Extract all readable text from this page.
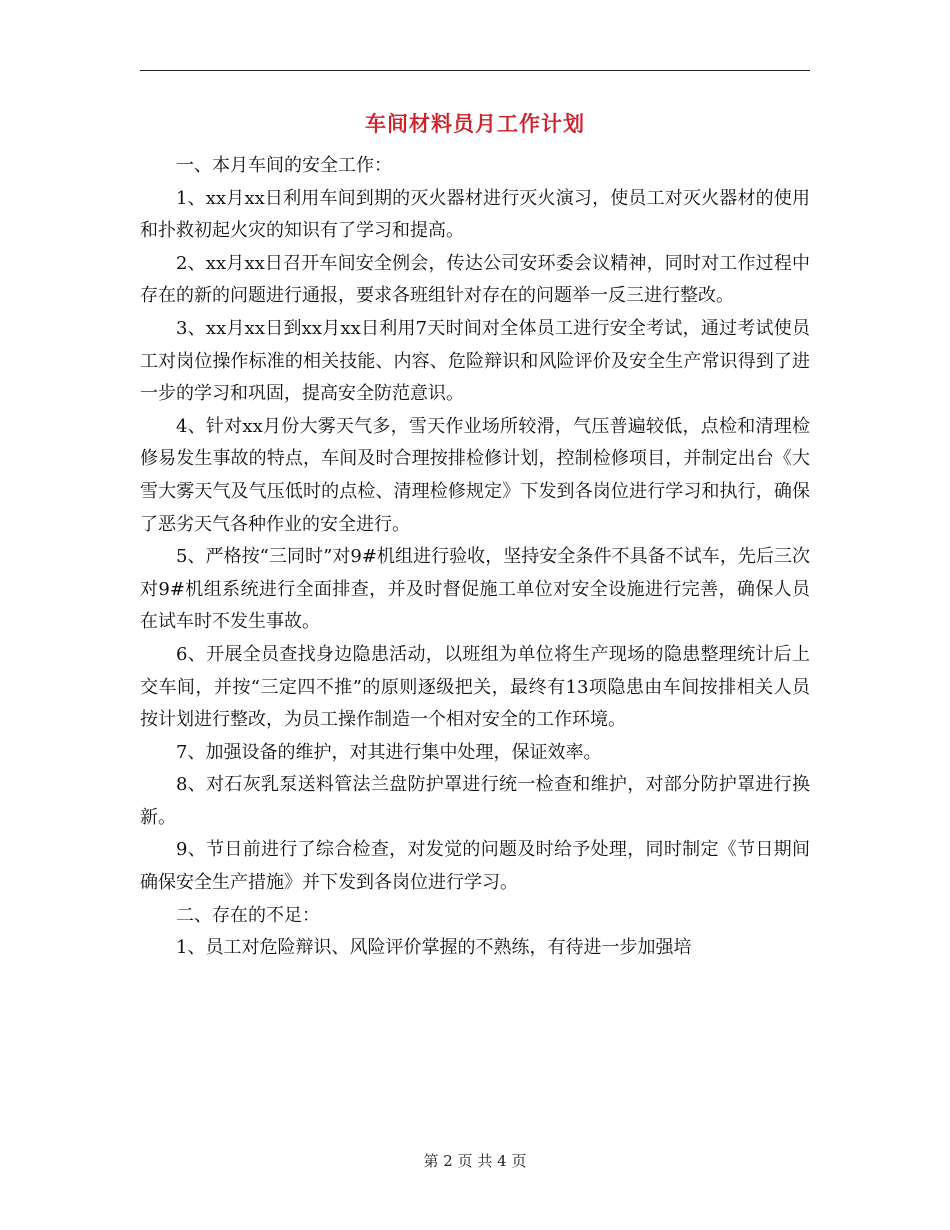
车间材料员月工作计划

一、本月车间的安全工作：

1、xx月xx日利用车间到期的灭火器材进行灭火演习，使员工对灭火器材的使用和扑救初起火灾的知识有了学习和提高。

2、xx月xx日召开车间安全例会，传达公司安环委会议精神，同时对工作过程中存在的新的问题进行通报，要求各班组针对存在的问题举一反三进行整改。

3、xx月xx日到xx月xx日利用7天时间对全体员工进行安全考试，通过考试使员工对岗位操作标准的相关技能、内容、危险辩识和风险评价及安全生产常识得到了进一步的学习和巩固，提高安全防范意识。

4、针对xx月份大雾天气多，雪天作业场所较滑，气压普遍较低，点检和清理检修易发生事故的特点，车间及时合理按排检修计划，控制检修项目，并制定出台《大雪大雾天气及气压低时的点检、清理检修规定》下发到各岗位进行学习和执行，确保了恶劣天气各种作业的安全进行。

5、严格按“三同时”对9#机组进行验收，坚持安全条件不具备不试车，先后三次对9#机组系统进行全面排查，并及时督促施工单位对安全设施进行完善，确保人员在试车时不发生事故。

6、开展全员查找身边隐患活动，以班组为单位将生产现场的隐患整理统计后上交车间，并按“三定四不推”的原则逐级把关，最终有13项隐患由车间按排相关人员按计划进行整改，为员工操作制造一个相对安全的工作环境。

7、加强设备的维护，对其进行集中处理，保证效率。

8、对石灰乳泵送料管法兰盘防护罩进行统一检查和维护，对部分防护罩进行换新。

9、节日前进行了综合检查，对发觉的问题及时给予处理，同时制定《节日期间确保安全生产措施》并下发到各岗位进行学习。

二、存在的不足：

1、员工对危险辩识、风险评价掌握的不熟练，有待进一步加强培

第 2 页 共 4 页
